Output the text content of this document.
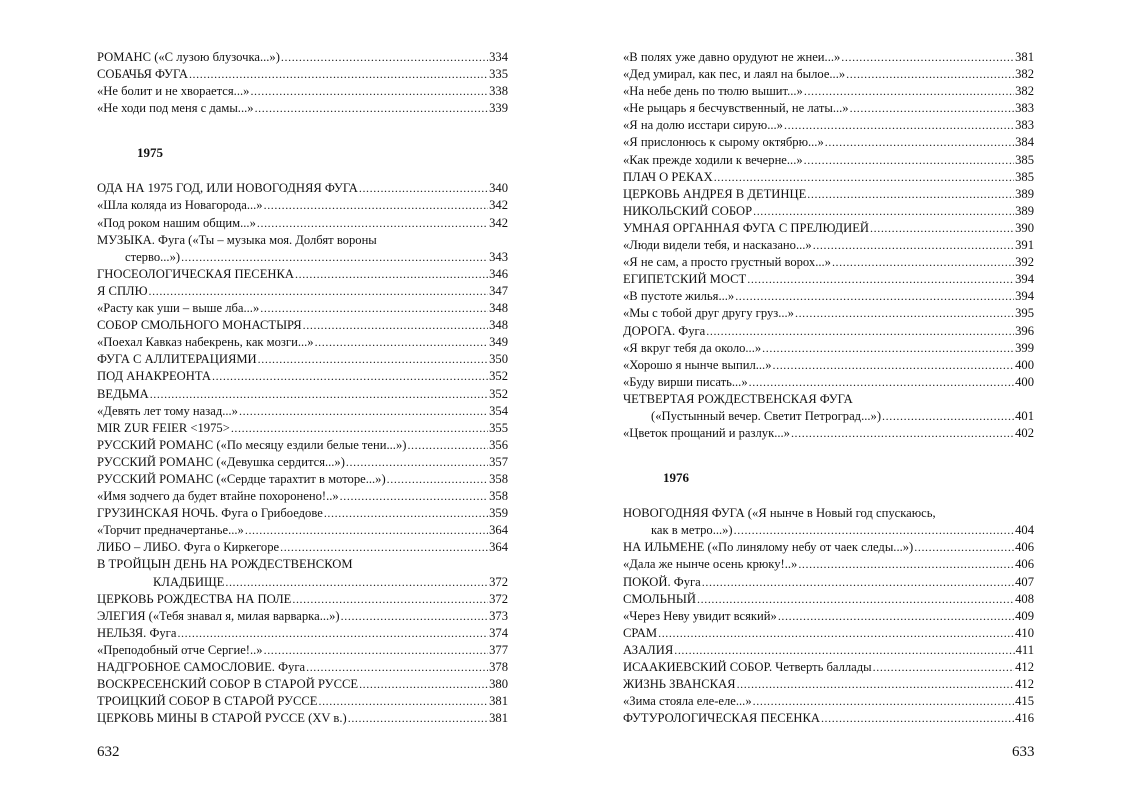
РОМАНС («С лузою блузочка...») .....	334
СОБАЧЬЯ ФУГА .....	335
«Не болит и не хворается...» .....	338
«Не ходи под меня с дамы...» .....	339
1975
ОДА НА 1975 ГОД, ИЛИ НОВОГОДНЯЯ ФУГА .....	340
«Шла коляда из Новагорода...» .....	342
«Под роком нашим общим...» .....	342
МУЗЫКА. Фуга («Ты – музыка моя. Долбят вороны
стерво...») .....	343
ГНОСЕОЛОГИЧЕСКАЯ ПЕСЕНКА .....	346
Я СПЛЮ .....	347
«Расту как уши – выше лба...» .....	348
СОБОР СМОЛЬНОГО МОНАСТЫРЯ .....	348
«Поехал Кавказ набекрень, как мозги...» .....	349
ФУГА С АЛЛИТЕРАЦИЯМИ .....	350
ПОД АНАКРЕОНТА .....	352
ВЕДЬМА .....	352
«Девять лет тому назад...» .....	354
MIR ZUR FEIER <1975> .....	355
РУССКИЙ РОМАНС («По месяцу ездили белые тени...») .....	356
РУССКИЙ РОМАНС («Девушка сердится...») .....	357
РУССКИЙ РОМАНС («Сердце тарахтит в моторе...») .....	358
«Имя зодчего да будет втайне похоронено!..» .....	358
ГРУЗИНСКАЯ НОЧЬ. Фуга о Грибоедове .....	359
«Торчит предначертанье...» .....	364
ЛИБО – ЛИБО. Фуга о Киркегоре .....	364
В ТРОЙЦЫН ДЕНЬ НА РОЖДЕСТВЕНСКОМ
КЛАДБИЩЕ .....	372
ЦЕРКОВЬ РОЖДЕСТВА НА ПОЛЕ .....	372
ЭЛЕГИЯ («Тебя знавал я, милая варварка...») .....	373
НЕЛЬЗЯ. Фуга .....	374
«Преподобный отче Сергие!..» .....	377
НАДГРОБНОЕ САМОСЛОВИЕ. Фуга .....	378
ВОСКРЕСЕНСКИЙ СОБОР В СТАРОЙ РУССЕ .....	380
ТРОИЦКИЙ СОБОР В СТАРОЙ РУССЕ .....	381
ЦЕРКОВЬ МИНЫ В СТАРОЙ РУССЕ (XV в.) .....	381
632
«В полях уже давно орудуют не жнеи...» .....	381
«Дед умирал, как пес, и лаял на былое...» .....	382
«На небе день по тюлю вышит...» .....	382
«Не рыцарь я бесчувственный, не латы...» .....	383
«Я на долю исстари сирую...» .....	383
«Я прислонюсь к сырому октябрю...» .....	384
«Как прежде ходили к вечерне...» .....	385
ПЛАЧ О РЕКАХ .....	385
ЦЕРКОВЬ АНДРЕЯ В ДЕТИНЦЕ .....	389
НИКОЛЬСКИЙ СОБОР .....	389
УМНАЯ ОРГАННАЯ ФУГА С ПРЕЛЮДИЕЙ .....	390
«Люди видели тебя, и насказано...» .....	391
«Я не сам, а просто грустный ворох...» .....	392
ЕГИПЕТСКИЙ МОСТ .....	394
«В пустоте жилья...» .....	394
«Мы с тобой друг другу груз...» .....	395
ДОРОГА. Фуга .....	396
«Я вкруг тебя да около...» .....	399
«Хорошо я нынче выпил...» .....	400
«Буду вирши писать...» .....	400
ЧЕТВЕРТАЯ РОЖДЕСТВЕНСКАЯ ФУГА
(«Пустынный вечер. Светит Петроград...») .....	401
«Цветок прощаний и разлук...» .....	402
1976
НОВОГОДНЯЯ ФУГА («Я нынче в Новый год спускаюсь,
как в метро...») .....	404
НА ИЛЬМЕНЕ («По линялому небу от чаек следы...») .....	406
«Дала же нынче осень крюку!..» .....	406
ПОКОЙ. Фуга .....	407
СМОЛЬНЫЙ .....	408
«Через Неву увидит всякий» .....	409
СРАМ .....	410
АЗАЛИЯ .....	411
ИСААКИЕВСКИЙ СОБОР. Четверть баллады .....	412
ЖИЗНЬ ЗВАНСКАЯ .....	412
«Зима стояла еле-еле...» .....	415
ФУТУРОЛОГИЧЕСКАЯ ПЕСЕНКА .....	416
633
